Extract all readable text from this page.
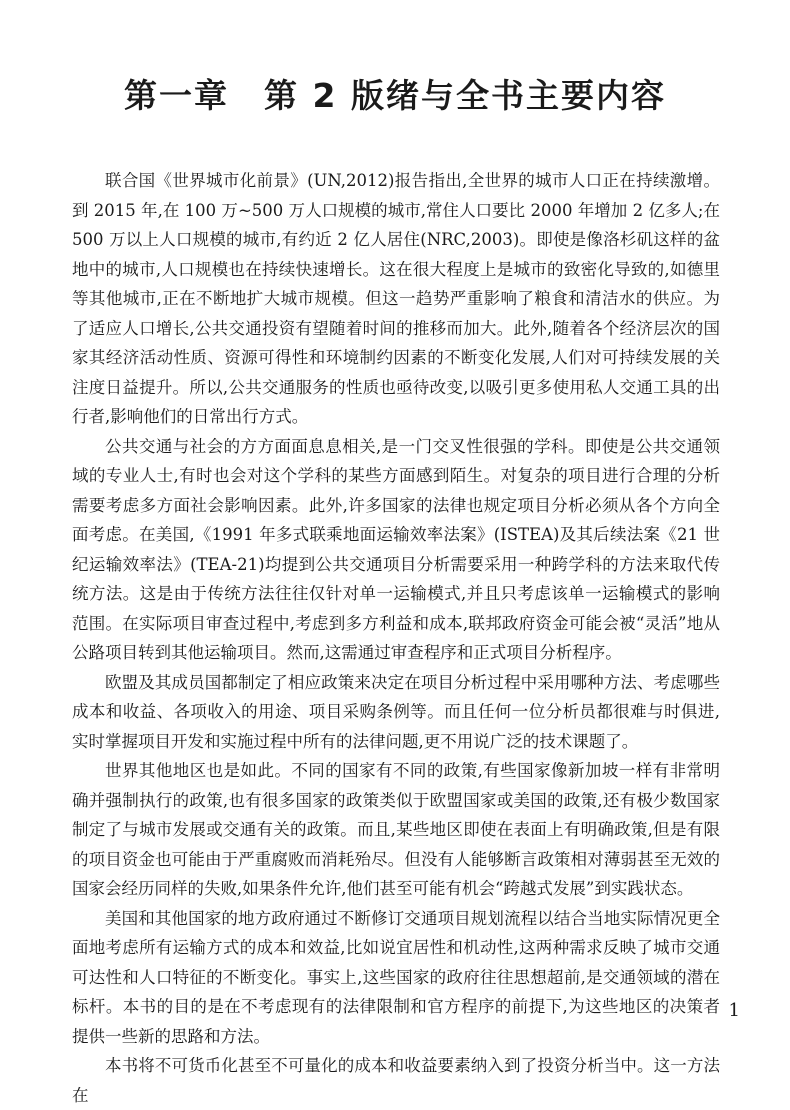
第一章　第 2 版绪与全书主要内容

联合国《世界城市化前景》(UN,2012)报告指出,全世界的城市人口正在持续激增。到 2015 年,在 100 万~500 万人口规模的城市,常住人口要比 2000 年增加 2 亿多人;在 500 万以上人口规模的城市,有约近 2 亿人居住(NRC,2003)。即使是像洛杉矶这样的盆地中的城市,人口规模也在持续快速增长。这在很大程度上是城市的致密化导致的,如德里等其他城市,正在不断地扩大城市规模。但这一趋势严重影响了粮食和清洁水的供应。为了适应人口增长,公共交通投资有望随着时间的推移而加大。此外,随着各个经济层次的国家其经济活动性质、资源可得性和环境制约因素的不断变化发展,人们对可持续发展的关注度日益提升。所以,公共交通服务的性质也亟待改变,以吸引更多使用私人交通工具的出行者,影响他们的日常出行方式。

公共交通与社会的方方面面息息相关,是一门交叉性很强的学科。即使是公共交通领域的专业人士,有时也会对这个学科的某些方面感到陌生。对复杂的项目进行合理的分析需要考虑多方面社会影响因素。此外,许多国家的法律也规定项目分析必须从各个方向全面考虑。在美国,《1991 年多式联乘地面运输效率法案》(ISTEA)及其后续法案《21 世纪运输效率法》(TEA-21)均提到公共交通项目分析需要采用一种跨学科的方法来取代传统方法。这是由于传统方法往往仅针对单一运输模式,并且只考虑该单一运输模式的影响范围。在实际项目审查过程中,考虑到多方利益和成本,联邦政府资金可能会被“灵活”地从公路项目转到其他运输项目。然而,这需通过审查程序和正式项目分析程序。

欧盟及其成员国都制定了相应政策来决定在项目分析过程中采用哪种方法、考虑哪些成本和收益、各项收入的用途、项目采购条例等。而且任何一位分析员都很难与时俱进,实时掌握项目开发和实施过程中所有的法律问题,更不用说广泛的技术课题了。

世界其他地区也是如此。不同的国家有不同的政策,有些国家像新加坡一样有非常明确并强制执行的政策,也有很多国家的政策类似于欧盟国家或美国的政策,还有极少数国家制定了与城市发展或交通有关的政策。而且,某些地区即使在表面上有明确政策,但是有限的项目资金也可能由于严重腐败而消耗殆尽。但没有人能够断言政策相对薄弱甚至无效的国家会经历同样的失败,如果条件允许,他们甚至可能有机会“跨越式发展”到实践状态。

美国和其他国家的地方政府通过不断修订交通项目规划流程以结合当地实际情况更全面地考虑所有运输方式的成本和效益,比如说宜居性和机动性,这两种需求反映了城市交通可达性和人口特征的不断变化。事实上,这些国家的政府往往思想超前,是交通领域的潜在标杆。本书的目的是在不考虑现有的法律限制和官方程序的前提下,为这些地区的决策者提供一些新的思路和方法。

本书将不可货币化甚至不可量化的成本和收益要素纳入到了投资分析当中。这一方法在

1
